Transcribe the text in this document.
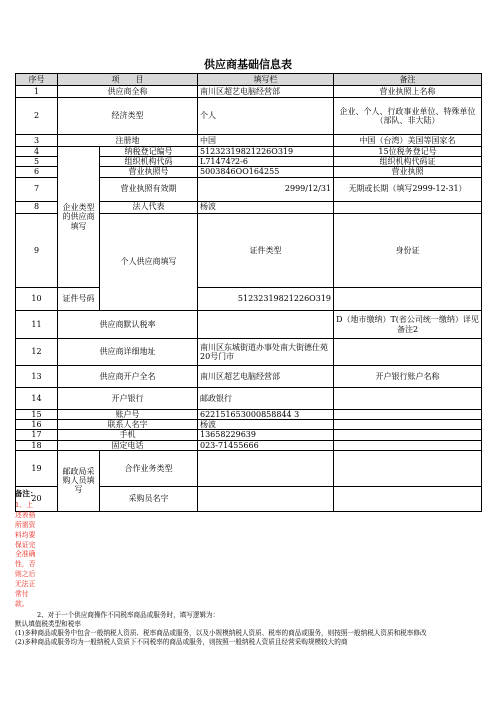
供应商基础信息表
序号	项　　目		填写栏	备注	
1	供应商全称		南川区超艺电脑经营部	营业执照上名称	
2	经济类型		个人	企业、个人、行政事业单位、特殊单位（部队、非大陆）	
3	注册地		中国	中国（台湾）美国等国家名	
4	企业类型的供应商填写	纳税登记编号	51232319821226O319	15位税务登记号	
5		组织机构代码	L71474?2-6	组织机构代码证	
6		营业执照号	5003846OO164255	营业执照	
7		营业执照有效期	2999/12/31	无期或长期（填写2999-12-31）	
8		法人代表	杨波		
9		个人供应商填写	证件类型	身份证	
10	证件号码		51232319821226O319		
11	供应商默认税率			D（地市缴纳）T(省公司统一缴纳）详见备注2	
12	供应商详细地址		南川区东城街道办事处南大街德仕苑20号门市		
13	供应商开户全名		南川区超艺电脑经营部	开户银行账户名称	
14	开户银行		邮政银行		
15	账户号		622151653000858844 3		
16	联系人名字		杨波		
17	手机		13658229639		
18	固定电话		023-71455666		
19	邮政局采购人员填写	合作业务类型			
20		采购员名字			
备注：
1、上述表格所需资料均要保证完全准确性，否则之后无法正常付款。
2、对于一个供应商操作不同税率商品或服务时，填写逻辑为：
默认填值税类型和税率
(1)多种商品或服务中包含一般纳税人资质、税率商品或服务，以及小规模纳税人资质、税率的商品或服务，则按照一般纳税人资质和税率修改
(2)多种商品或服务均为一般纳税人资质下不同税率的商品或服务，则按照一般纳税人资质且经营采购规模较大的商
